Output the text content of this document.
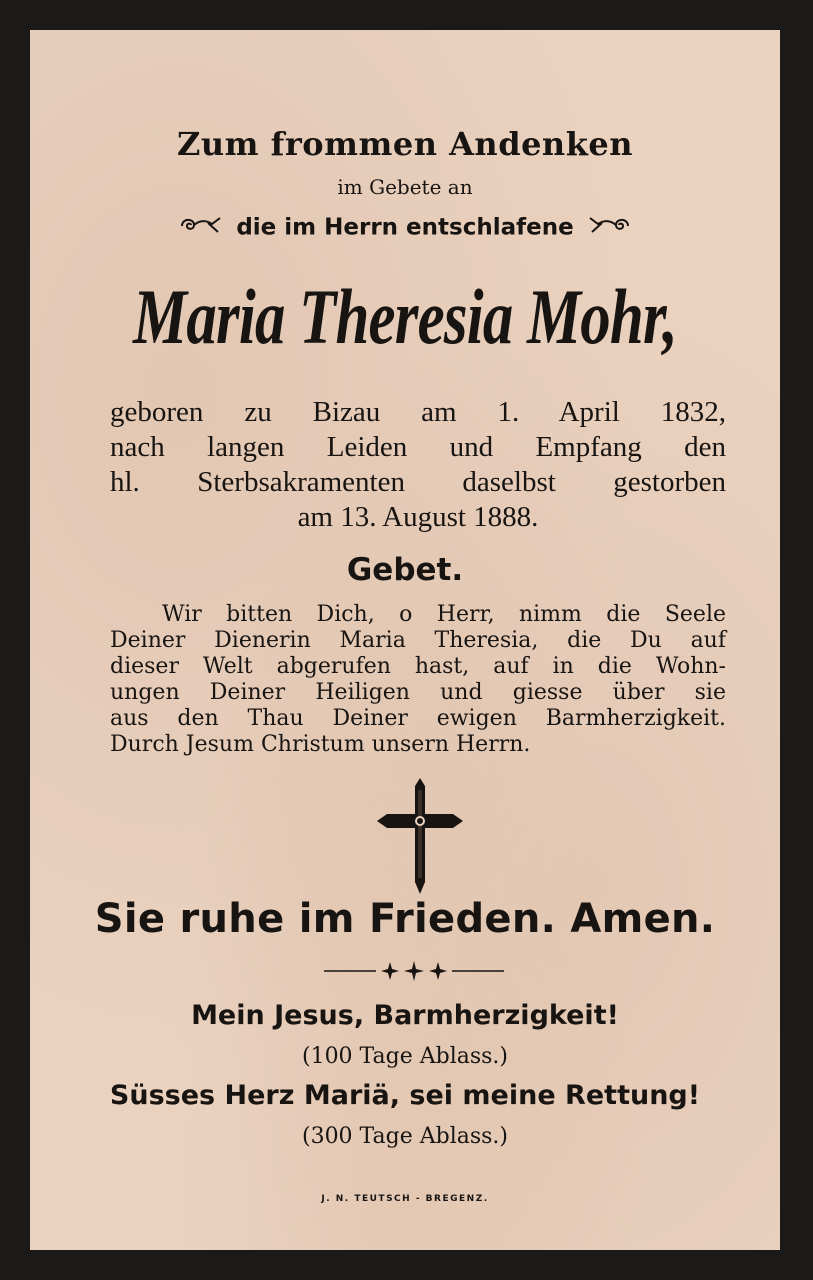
Zum frommen Andenken
im Gebete an
die im Herrn entschlafene
Maria Theresia Mohr,
geboren zu Bizau am 1. April 1832,
nach langen Leiden und Empfang den
hl. Sterbsakramenten daselbst gestorben
am 13. August 1888.
Gebet.
Wir bitten Dich, o Herr, nimm die Seele
Deiner Dienerin Maria Theresia, die Du auf
dieser Welt abgerufen hast, auf in die Wohn-
ungen Deiner Heiligen und giesse über sie
aus den Thau Deiner ewigen Barmherzigkeit.
Durch Jesum Christum unsern Herrn.
Sie ruhe im Frieden. Amen.
Mein Jesus, Barmherzigkeit!
(100 Tage Ablass.)
Süsses Herz Mariä, sei meine Rettung!
(300 Tage Ablass.)
J. N. TEUTSCH - BREGENZ.
